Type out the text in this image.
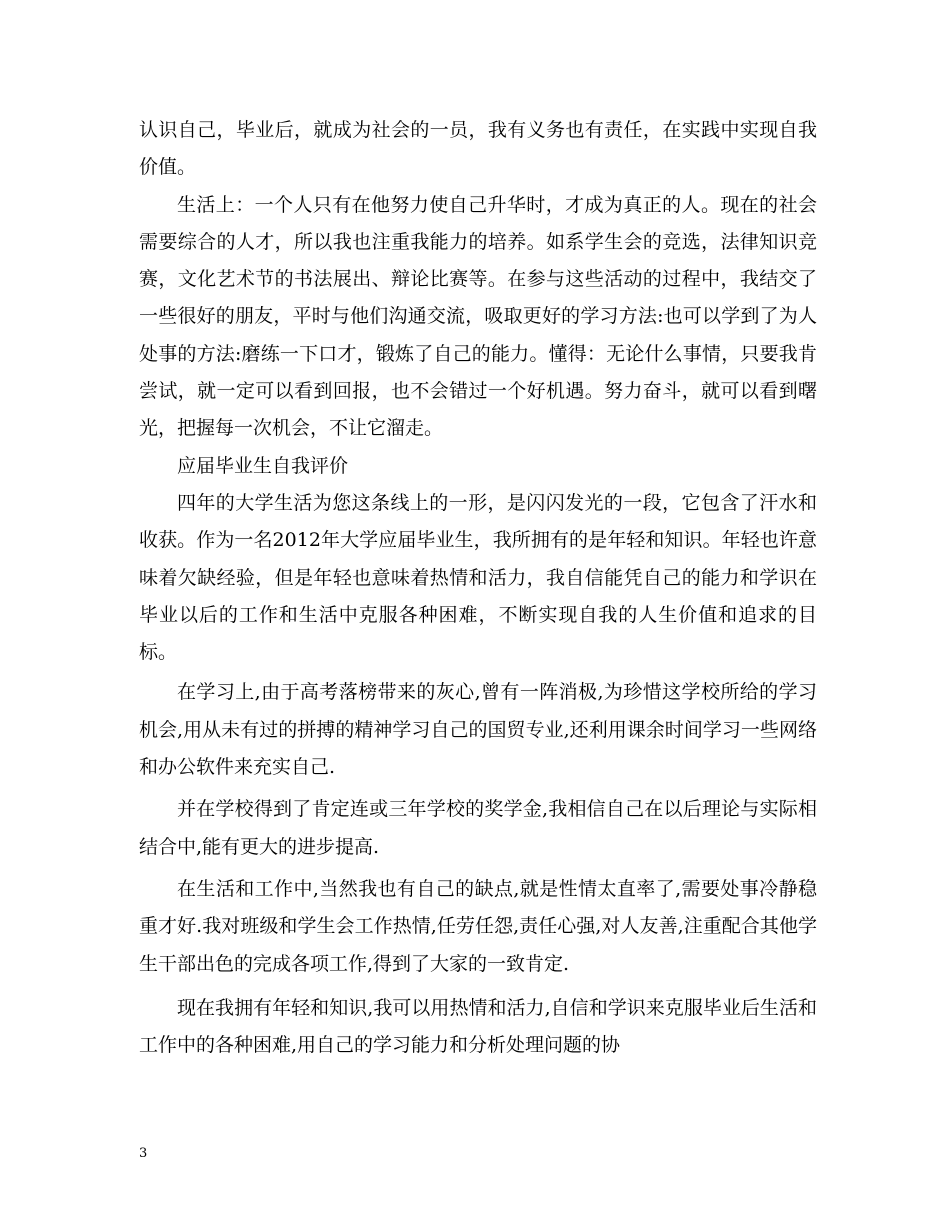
认识自己，毕业后，就成为社会的一员，我有义务也有责任，在实践中实现自我价值。

生活上：一个人只有在他努力使自己升华时，才成为真正的人。现在的社会需要综合的人才，所以我也注重我能力的培养。如系学生会的竞选，法律知识竞赛，文化艺术节的书法展出、辩论比赛等。在参与这些活动的过程中，我结交了一些很好的朋友，平时与他们沟通交流，吸取更好的学习方法:也可以学到了为人处事的方法:磨练一下口才，锻炼了自己的能力。懂得：无论什么事情，只要我肯尝试，就一定可以看到回报，也不会错过一个好机遇。努力奋斗，就可以看到曙光，把握每一次机会，不让它溜走。

应届毕业生自我评价

四年的大学生活为您这条线上的一形，是闪闪发光的一段，它包含了汗水和收获。作为一名2012年大学应届毕业生，我所拥有的是年轻和知识。年轻也许意味着欠缺经验，但是年轻也意味着热情和活力，我自信能凭自己的能力和学识在毕业以后的工作和生活中克服各种困难，不断实现自我的人生价值和追求的目标。

在学习上,由于高考落榜带来的灰心,曾有一阵消极,为珍惜这学校所给的学习机会,用从未有过的拼搏的精神学习自己的国贸专业,还利用课余时间学习一些网络和办公软件来充实自己.

并在学校得到了肯定连或三年学校的奖学金,我相信自己在以后理论与实际相结合中,能有更大的进步提高.

在生活和工作中,当然我也有自己的缺点,就是性情太直率了,需要处事冷静稳重才好.我对班级和学生会工作热情,任劳任怨,责任心强,对人友善,注重配合其他学生干部出色的完成各项工作,得到了大家的一致肯定.

现在我拥有年轻和知识,我可以用热情和活力,自信和学识来克服毕业后生活和工作中的各种困难,用自己的学习能力和分析处理问题的协

3
